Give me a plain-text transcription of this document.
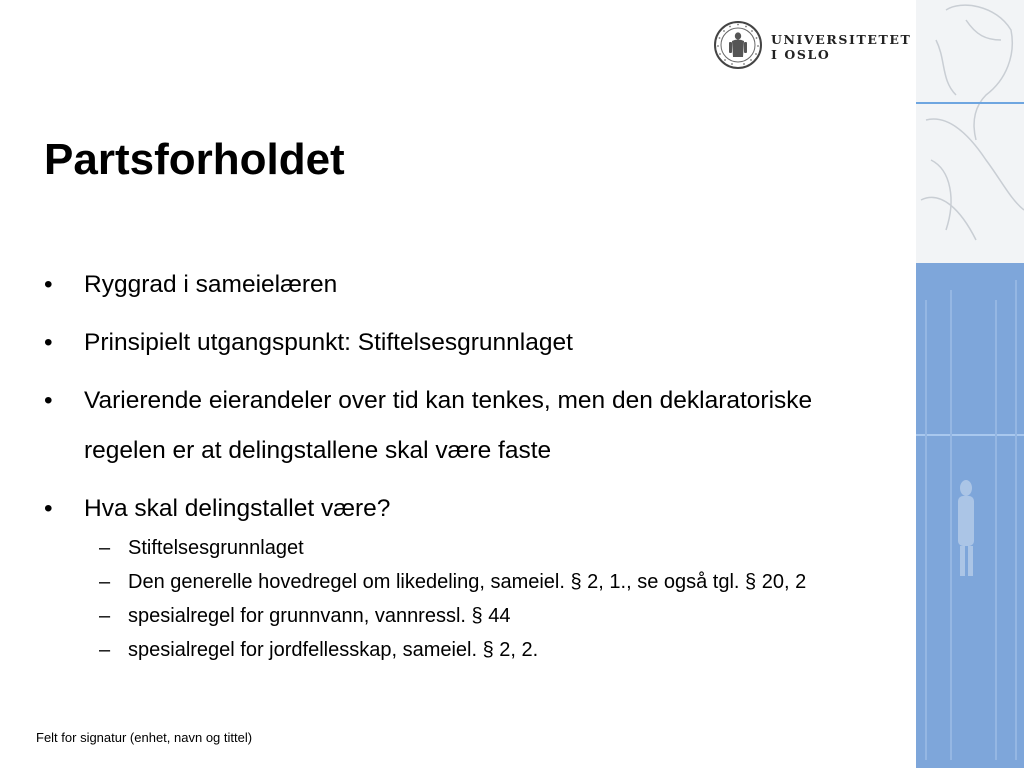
UNIVERSITETET
I OSLO
Partsforholdet
•	Ryggrad i sameielæren
•	Prinsipielt utgangspunkt: Stiftelsesgrunnlaget
•	Varierende eierandeler over tid kan tenkes, men den deklaratoriske regelen er at delingstallene skal være faste
•	Hva skal delingstallet være?
– Stiftelsesgrunnlaget
– Den generelle hovedregel om likedeling, sameiel. § 2, 1., se også tgl. § 20, 2
– spesialregel for grunnvann, vannressl. § 44
– spesialregel for jordfellesskap, sameiel. § 2, 2.
Felt for signatur (enhet, navn og tittel)
